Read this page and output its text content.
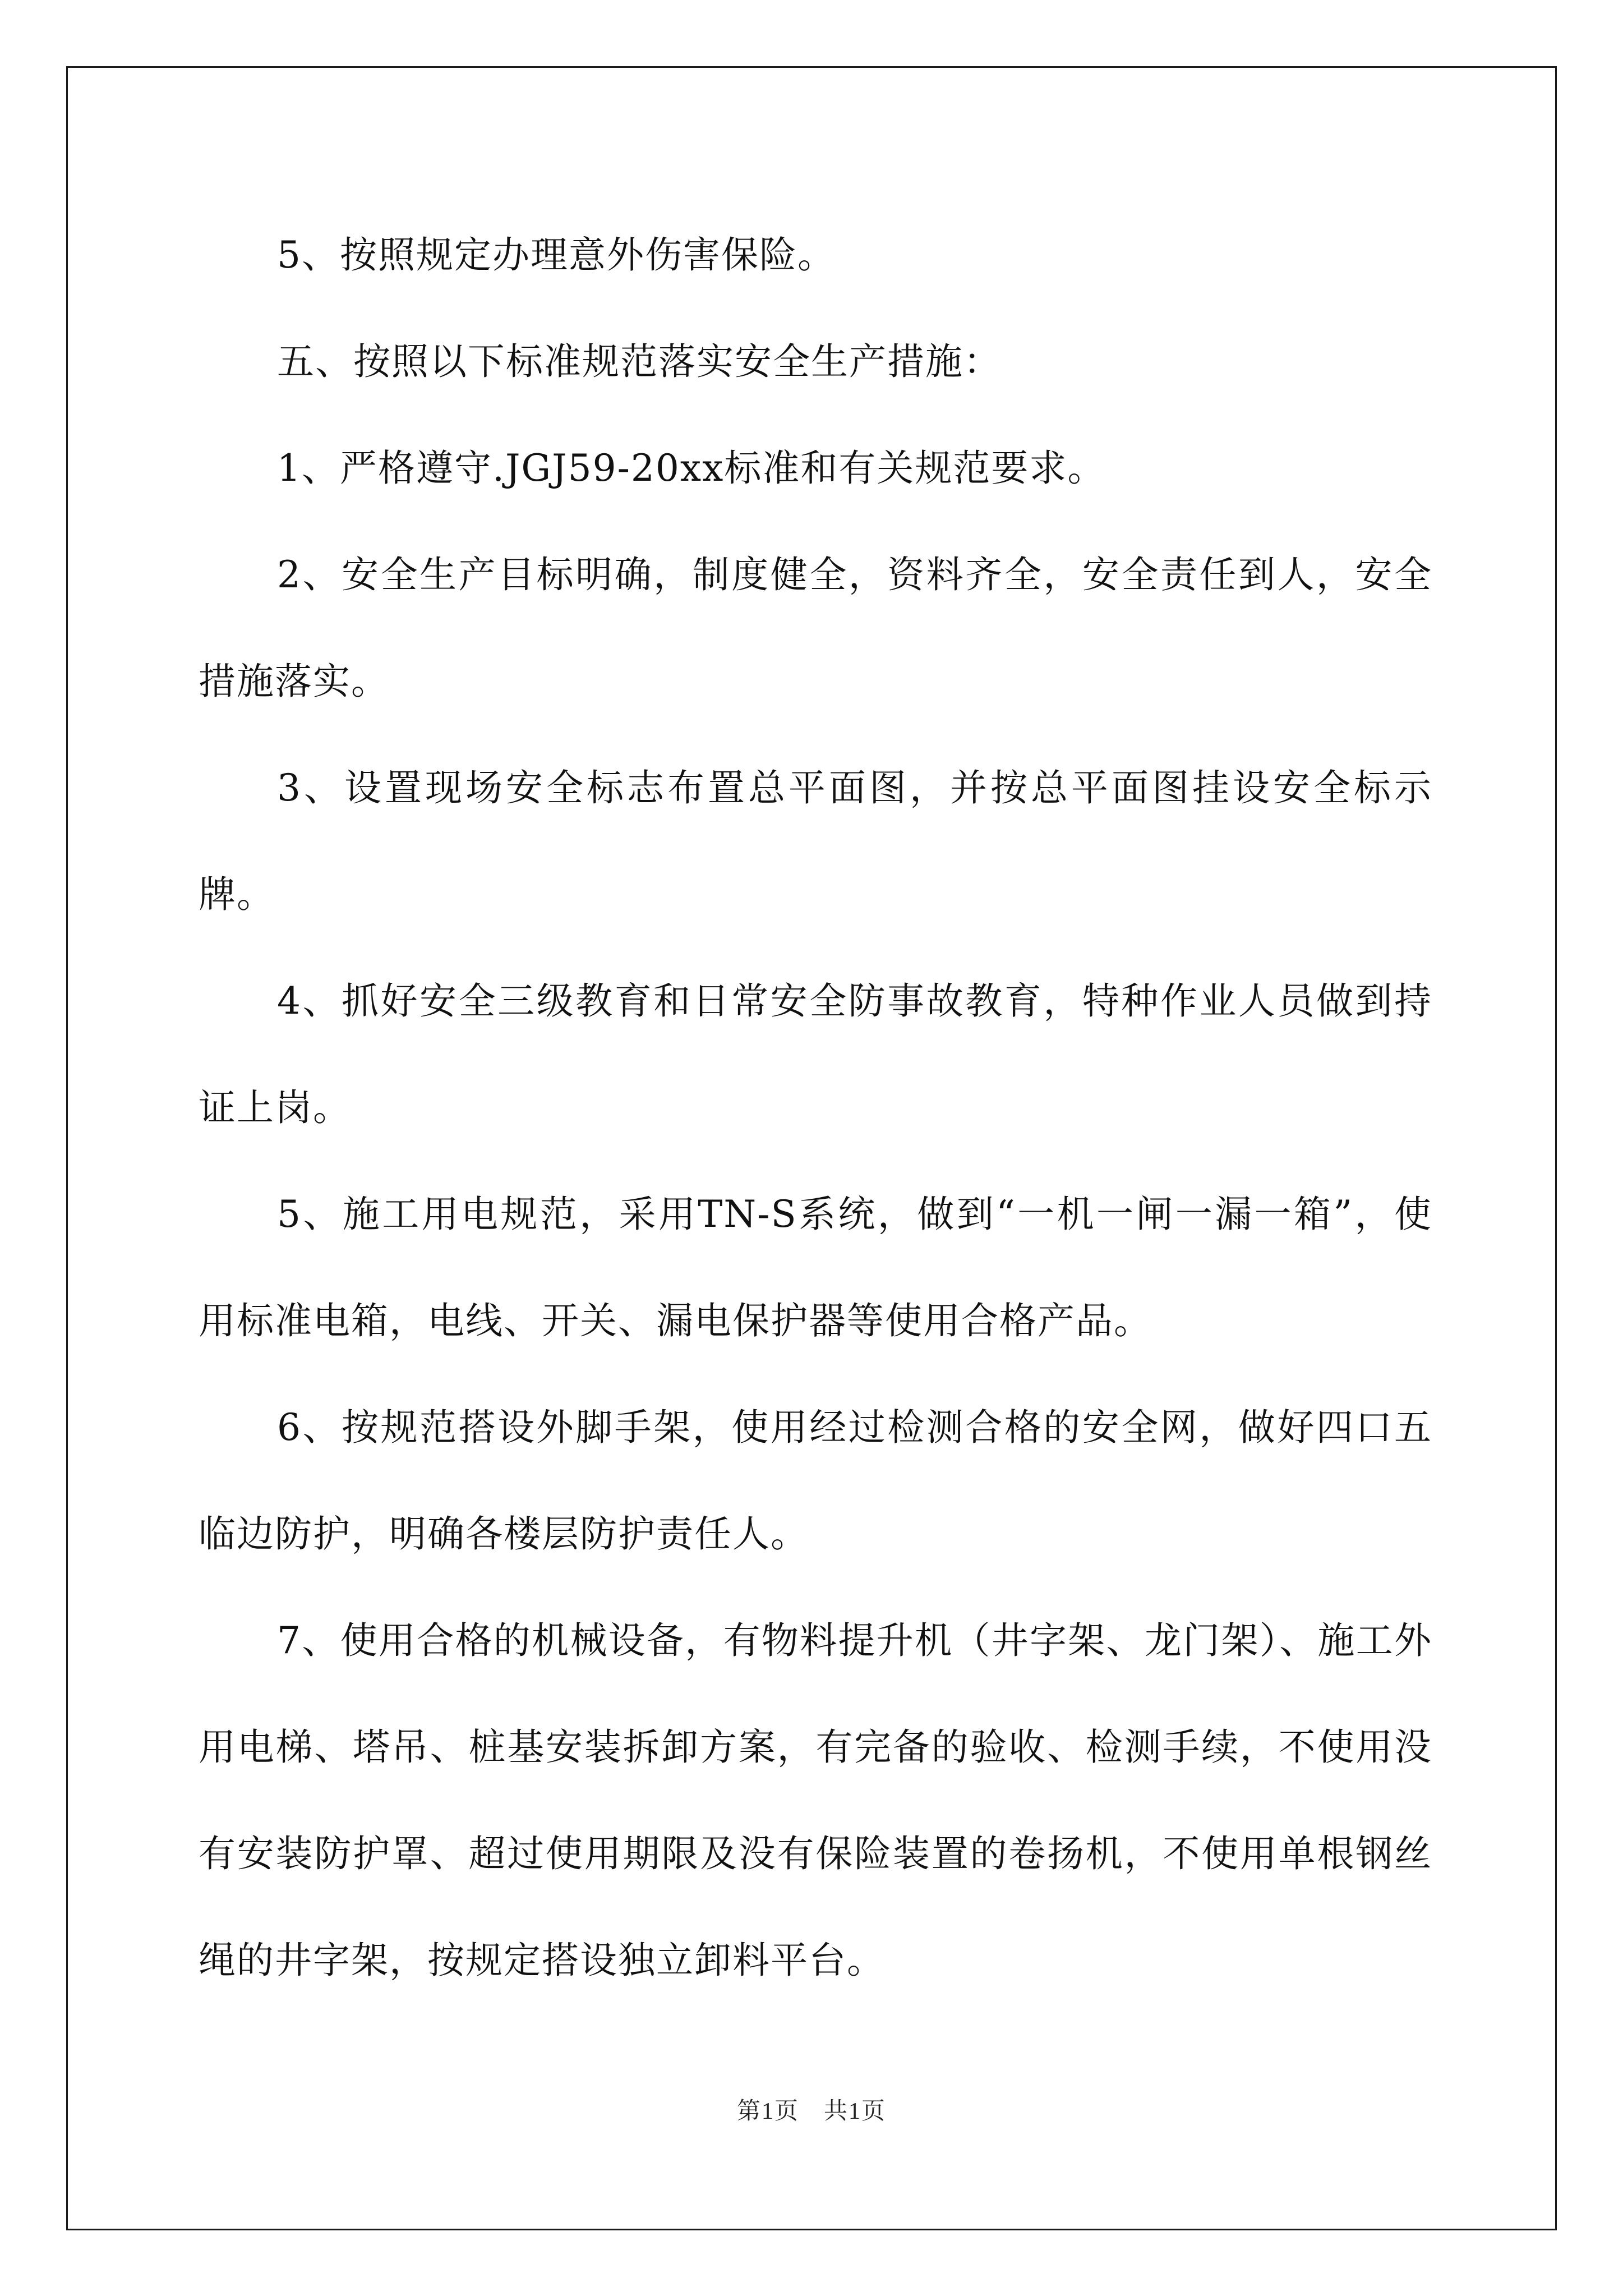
5、按照规定办理意外伤害保险。

五、按照以下标准规范落实安全生产措施：

1、严格遵守.JGJ59-20xx标准和有关规范要求。

2、安全生产目标明确，制度健全，资料齐全，安全责任到人，安全措施落实。

3、设置现场安全标志布置总平面图，并按总平面图挂设安全标示牌。

4、抓好安全三级教育和日常安全防事故教育，特种作业人员做到持证上岗。

5、施工用电规范，采用TN-S系统，做到“一机一闸一漏一箱”，使用标准电箱，电线、开关、漏电保护器等使用合格产品。

6、按规范搭设外脚手架，使用经过检测合格的安全网，做好四口五临边防护，明确各楼层防护责任人。

7、使用合格的机械设备，有物料提升机（井字架、龙门架）、施工外用电梯、塔吊、桩基安装拆卸方案，有完备的验收、检测手续，不使用没有安装防护罩、超过使用期限及没有保险装置的卷扬机，不使用单根钢丝绳的井字架，按规定搭设独立卸料平台。

第1页　共1页
